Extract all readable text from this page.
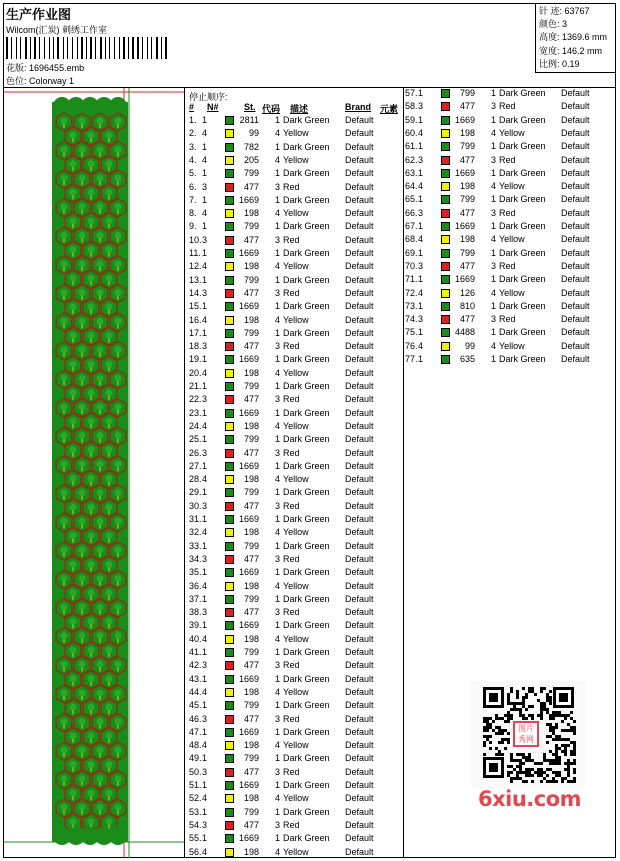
生产作业图
Wilcom(汇炭) 刺绣工作室
花版: 1696455.emb
色位: Colorway 1
针 迹: 63767
颜色: 3
高度: 1369.6 mm
宽度: 146.2 mm
比例: 0.19
停止顺序:
# N#	St. 代码 描述	Brand 元素
1. 1	2811 1 Dark Green Default
2. 4	99 4 Yellow	Default
3. 1	782 1 Dark Green Default
4. 4	205 4 Yellow	Default
5. 1	799 1 Dark Green Default
6. 3	477 3 Red	Default
7. 1	1669 1 Dark Green Default
8. 4	198 4 Yellow	Default
9. 1	799 1 Dark Green Default
10. 3	477 3 Red	Default
11. 1	1669 1 Dark Green Default
12. 4	198 4 Yellow	Default
13. 1	799 1 Dark Green Default
14. 3	477 3 Red	Default
15. 1	1669 1 Dark Green Default
16. 4	198 4 Yellow	Default
17. 1	799 1 Dark Green Default
18. 3	477 3 Red	Default
19. 1	1669 1 Dark Green Default
20. 4	198 4 Yellow	Default
21. 1	799 1 Dark Green Default
22. 3	477 3 Red	Default
23. 1	1669 1 Dark Green Default
24. 4	198 4 Yellow	Default
25. 1	799 1 Dark Green Default
26. 3	477 3 Red	Default
27. 1	1669 1 Dark Green Default
28. 4	198 4 Yellow	Default
29. 1	799 1 Dark Green Default
30. 3	477 3 Red	Default
31. 1	1669 1 Dark Green Default
32. 4	198 4 Yellow	Default
33. 1	799 1 Dark Green Default
34. 3	477 3 Red	Default
35. 1	1669 1 Dark Green Default
36. 4	198 4 Yellow	Default
37. 1	799 1 Dark Green Default
38. 3	477 3 Red	Default
39. 1	1669 1 Dark Green Default
40. 4	198 4 Yellow	Default
41. 1	799 1 Dark Green Default
42. 3	477 3 Red	Default
43. 1	1669 1 Dark Green Default
44. 4	198 4 Yellow	Default
45. 1	799 1 Dark Green Default
46. 3	477 3 Red	Default
47. 1	1669 1 Dark Green Default
48. 4	198 4 Yellow	Default
49. 1	799 1 Dark Green Default
50. 3	477 3 Red	Default
51. 1	1669 1 Dark Green Default
52. 4	198 4 Yellow	Default
53. 1	799 1 Dark Green Default
54. 3	477 3 Red	Default
55. 1	1669 1 Dark Green Default
56. 4	198 4 Yellow	Default
57. 1	799 1 Dark Green Default
58. 3	477 3 Red	Default
59. 1	1669 1 Dark Green Default
60. 4	198 4 Yellow	Default
61. 1	799 1 Dark Green Default
62. 3	477 3 Red	Default
63. 1	1669 1 Dark Green Default
64. 4	198 4 Yellow	Default
65. 1	799 1 Dark Green Default
66. 3	477 3 Red	Default
67. 1	1669 1 Dark Green Default
68. 4	198 4 Yellow	Default
69. 1	799 1 Dark Green Default
70. 3	477 3 Red	Default
71. 1	1669 1 Dark Green Default
72. 4	126 4 Yellow	Default
73. 1	810 1 Dark Green Default
74. 3	477 3 Red	Default
75. 1	4488 1 Dark Green Default
76. 4	99 4 Yellow	Default
77. 1	635 1 Dark Green Default
图片 秀网
6xiu.com
